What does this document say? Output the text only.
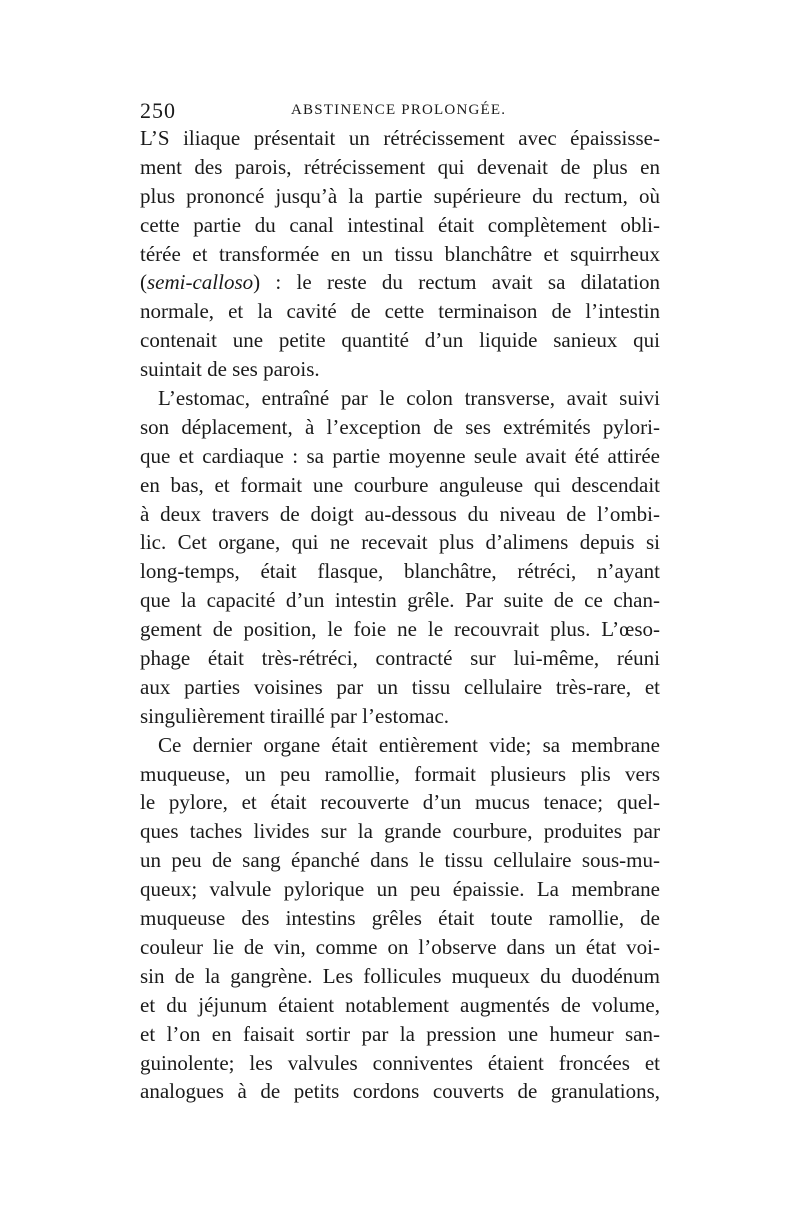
250	ABSTINENCE PROLONGÉE.
L’S iliaque présentait un rétrécissement avec épaississe-
ment des parois, rétrécissement qui devenait de plus en
plus prononcé jusqu’à la partie supérieure du rectum, où
cette partie du canal intestinal était complètement obli-
térée et transformée en un tissu blanchâtre et squirrheux
(semi-calloso) : le reste du rectum avait sa dilatation
normale, et la cavité de cette terminaison de l’intestin
contenait une petite quantité d’un liquide sanieux qui
suintait de ses parois.
L’estomac, entraîné par le colon transverse, avait suivi
son déplacement, à l’exception de ses extrémités pylori-
que et cardiaque : sa partie moyenne seule avait été attirée
en bas, et formait une courbure anguleuse qui descendait
à deux travers de doigt au-dessous du niveau de l’ombi-
lic. Cet organe, qui ne recevait plus d’alimens depuis si
long-temps, était flasque, blanchâtre, rétréci, n’ayant
que la capacité d’un intestin grêle. Par suite de ce chan-
gement de position, le foie ne le recouvrait plus. L’œso-
phage était très-rétréci, contracté sur lui-même, réuni
aux parties voisines par un tissu cellulaire très-rare, et
singulièrement tiraillé par l’estomac.
Ce dernier organe était entièrement vide; sa membrane
muqueuse, un peu ramollie, formait plusieurs plis vers
le pylore, et était recouverte d’un mucus tenace; quel-
ques taches livides sur la grande courbure, produites par
un peu de sang épanché dans le tissu cellulaire sous-mu-
queux; valvule pylorique un peu épaissie. La membrane
muqueuse des intestins grêles était toute ramollie, de
couleur lie de vin, comme on l’observe dans un état voi-
sin de la gangrène. Les follicules muqueux du duodénum
et du jéjunum étaient notablement augmentés de volume,
et l’on en faisait sortir par la pression une humeur san-
guinolente; les valvules conniventes étaient froncées et
analogues à de petits cordons couverts de granulations,
